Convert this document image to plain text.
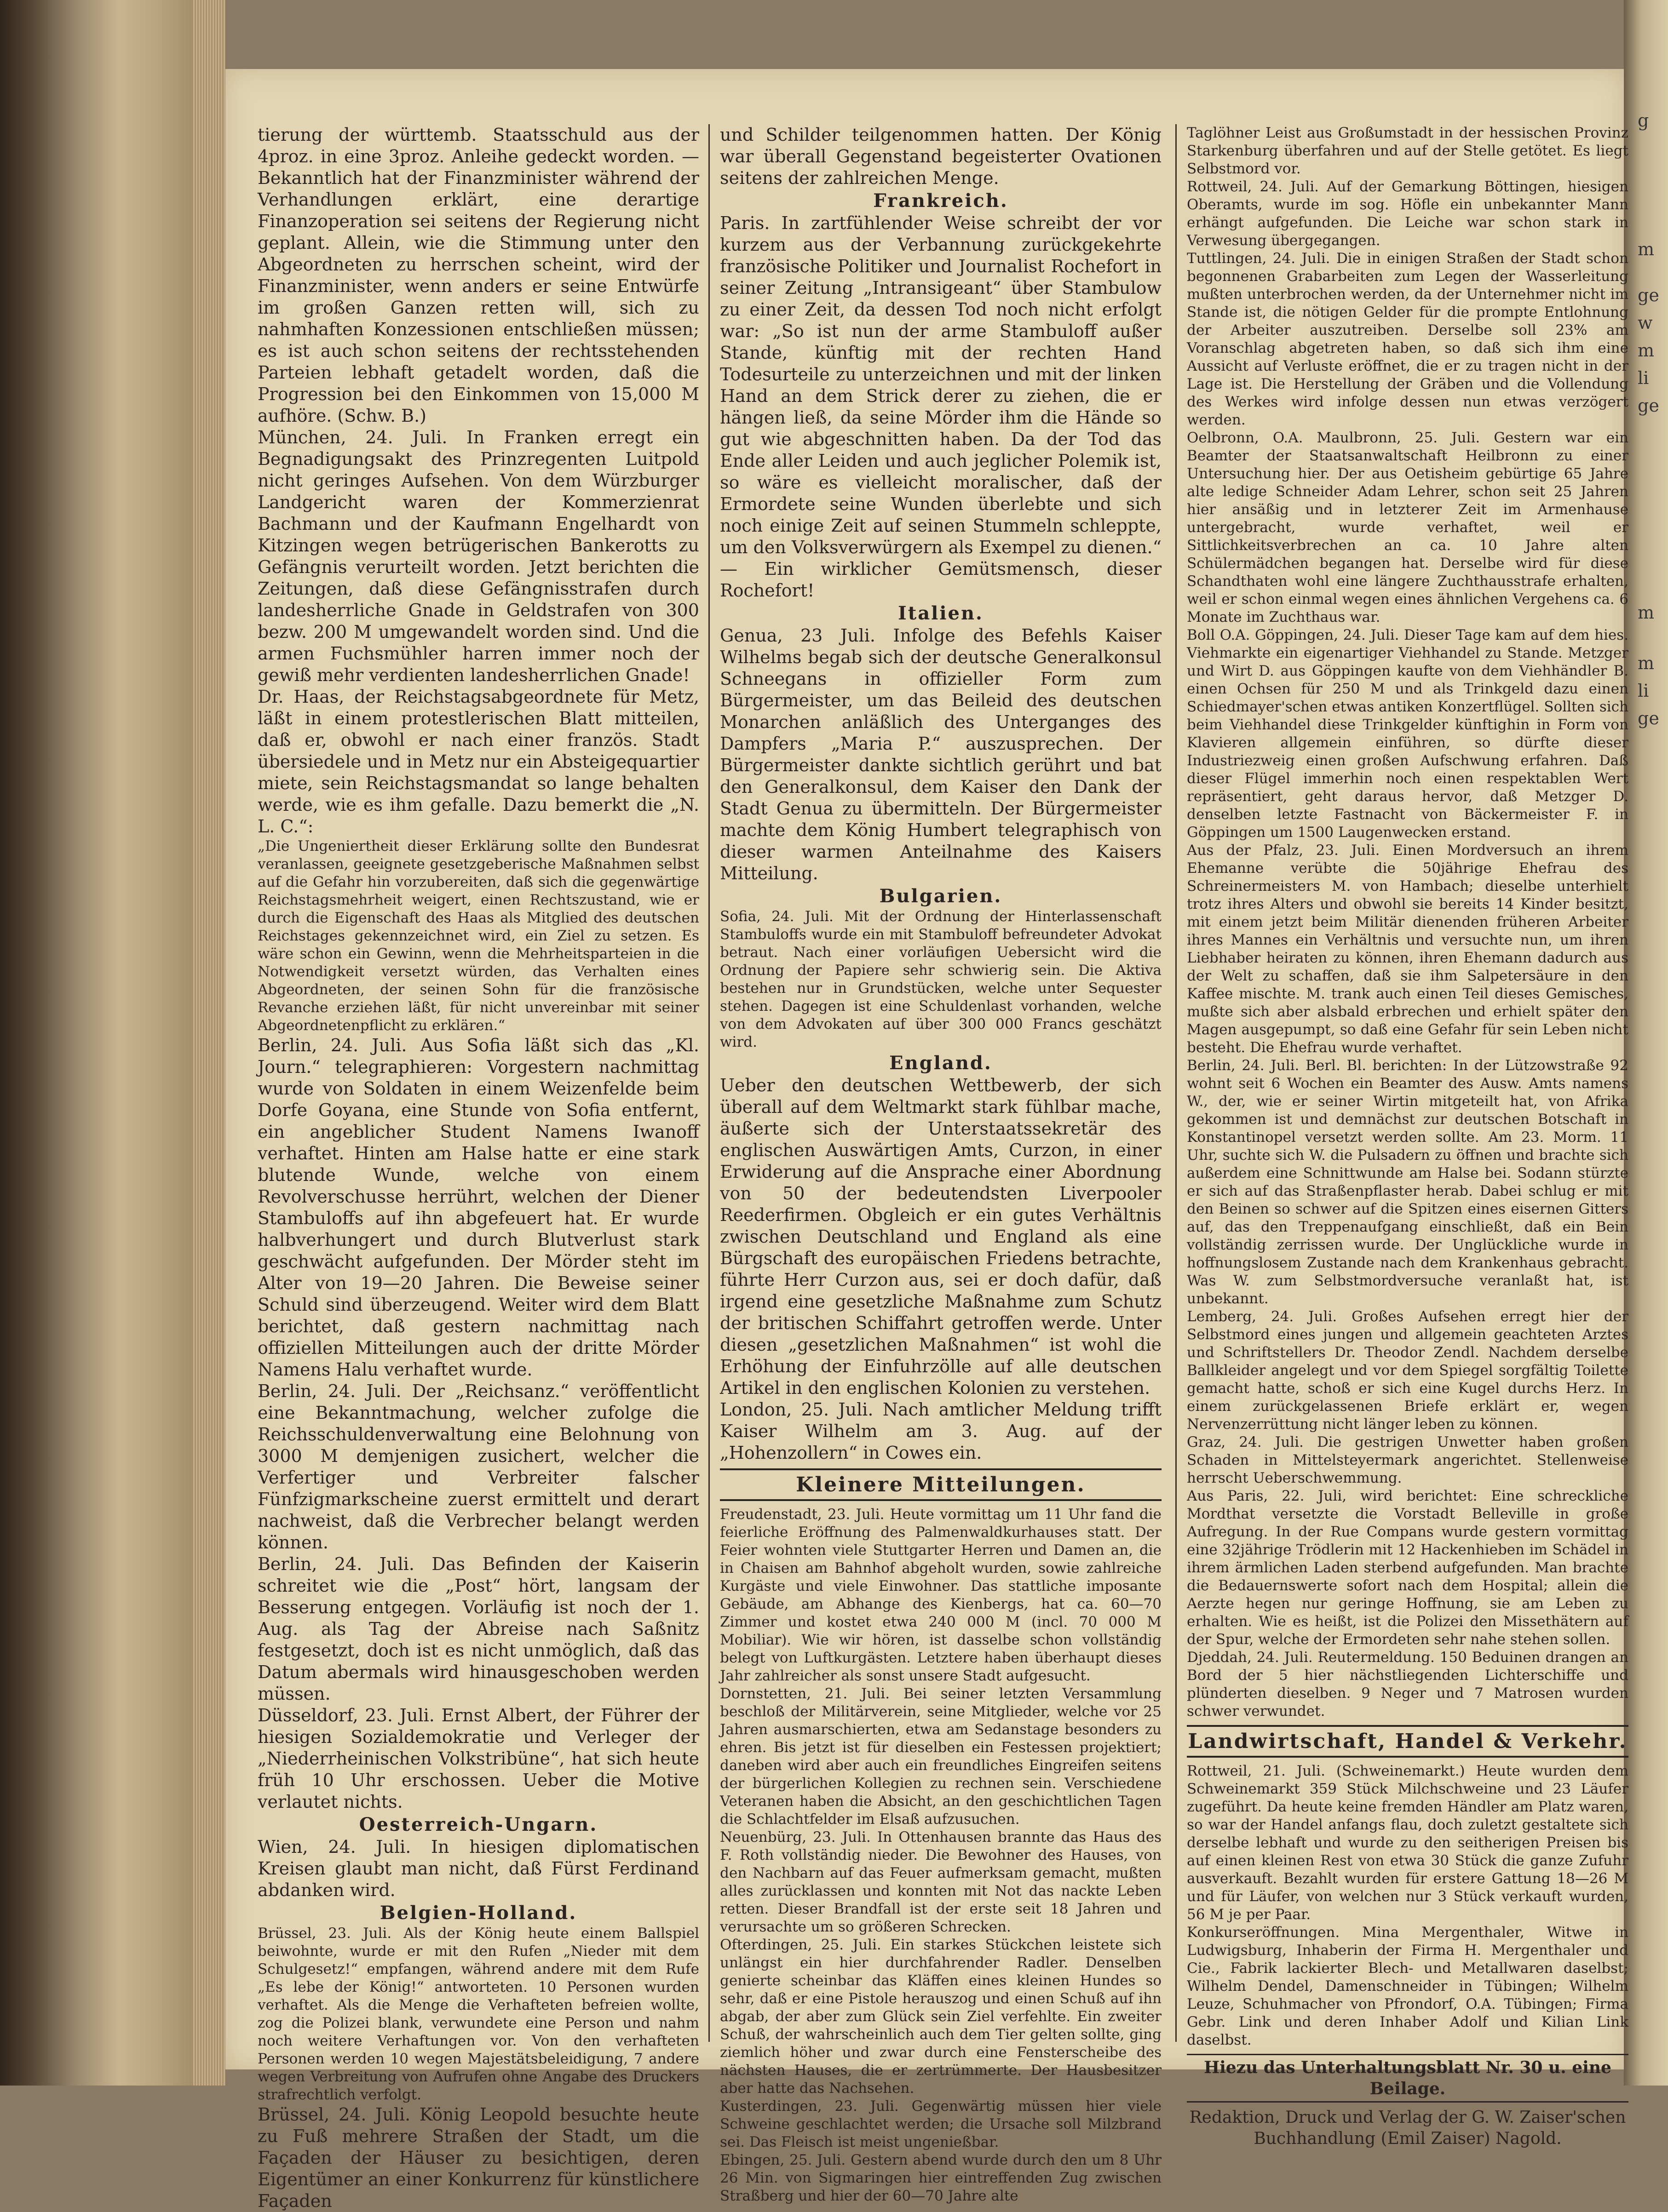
g
m
ge
w
m
li
ge
m
m
li
ge

tierung der württemb. Staatsschuld aus der 4proz. in eine 3proz. Anleihe gedeckt worden. — Bekanntlich hat der Finanzminister während der Verhandlungen erklärt, eine derartige Finanzoperation sei seitens der Regierung nicht geplant. Allein, wie die Stimmung unter den Abgeordneten zu herrschen scheint, wird der Finanzminister, wenn anders er seine Entwürfe im großen Ganzen retten will, sich zu nahmhaften Konzessionen entschließen müssen; es ist auch schon seitens der rechtsstehenden Parteien lebhaft getadelt worden, daß die Progression bei den Einkommen von 15,000 M aufhöre. (Schw. B.)

München, 24. Juli. In Franken erregt ein Begnadigungsakt des Prinzregenten Luitpold nicht geringes Aufsehen. Von dem Würzburger Landgericht waren der Kommerzienrat Bachmann und der Kaufmann Engelhardt von Kitzingen wegen betrügerischen Bankerotts zu Gefängnis verurteilt worden. Jetzt berichten die Zeitungen, daß diese Gefängnisstrafen durch landesherrliche Gnade in Geldstrafen von 300 bezw. 200 M umgewandelt worden sind. Und die armen Fuchsmühler harren immer noch der gewiß mehr verdienten landesherrlichen Gnade!

Dr. Haas, der Reichstagsabgeordnete für Metz, läßt in einem protestlerischen Blatt mitteilen, daß er, obwohl er nach einer französ. Stadt übersiedele und in Metz nur ein Absteigequartier miete, sein Reichstagsmandat so lange behalten werde, wie es ihm gefalle. Dazu bemerkt die „N. L. C.“:

„Die Ungeniertheit dieser Erklärung sollte den Bundesrat veranlassen, geeignete gesetzgeberische Maßnahmen selbst auf die Gefahr hin vorzubereiten, daß sich die gegenwärtige Reichstagsmehrheit weigert, einen Rechtszustand, wie er durch die Eigenschaft des Haas als Mitglied des deutschen Reichstages gekennzeichnet wird, ein Ziel zu setzen. Es wäre schon ein Gewinn, wenn die Mehrheitsparteien in die Notwendigkeit versetzt würden, das Verhalten eines Abgeordneten, der seinen Sohn für die französische Revanche erziehen läßt, für nicht unvereinbar mit seiner Abgeordnetenpflicht zu erklären.“

Berlin, 24. Juli. Aus Sofia läßt sich das „Kl. Journ.“ telegraphieren: Vorgestern nachmittag wurde von Soldaten in einem Weizenfelde beim Dorfe Goyana, eine Stunde von Sofia entfernt, ein angeblicher Student Namens Iwanoff verhaftet. Hinten am Halse hatte er eine stark blutende Wunde, welche von einem Revolverschusse herrührt, welchen der Diener Stambuloffs auf ihn abgefeuert hat. Er wurde halbverhungert und durch Blutverlust stark geschwächt aufgefunden. Der Mörder steht im Alter von 19—20 Jahren. Die Beweise seiner Schuld sind überzeugend. Weiter wird dem Blatt berichtet, daß gestern nachmittag nach offiziellen Mitteilungen auch der dritte Mörder Namens Halu verhaftet wurde.

Berlin, 24. Juli. Der „Reichsanz.“ veröffentlicht eine Bekanntmachung, welcher zufolge die Reichsschuldenverwaltung eine Belohnung von 3000 M demjenigen zusichert, welcher die Verfertiger und Verbreiter falscher Fünfzigmarkscheine zuerst ermittelt und derart nachweist, daß die Verbrecher belangt werden können.

Berlin, 24. Juli. Das Befinden der Kaiserin schreitet wie die „Post“ hört, langsam der Besserung entgegen. Vorläufig ist noch der 1. Aug. als Tag der Abreise nach Saßnitz festgesetzt, doch ist es nicht unmöglich, daß das Datum abermals wird hinausgeschoben werden müssen.

Düsseldorf, 23. Juli. Ernst Albert, der Führer der hiesigen Sozialdemokratie und Verleger der „Niederrheinischen Volkstribüne“, hat sich heute früh 10 Uhr erschossen. Ueber die Motive verlautet nichts.

Oesterreich-Ungarn.

Wien, 24. Juli. In hiesigen diplomatischen Kreisen glaubt man nicht, daß Fürst Ferdinand abdanken wird.

Belgien-Holland.

Brüssel, 23. Juli. Als der König heute einem Ballspiel beiwohnte, wurde er mit den Rufen „Nieder mit dem Schulgesetz!“ empfangen, während andere mit dem Rufe „Es lebe der König!“ antworteten. 10 Personen wurden verhaftet. Als die Menge die Verhafteten befreien wollte, zog die Polizei blank, verwundete eine Person und nahm noch weitere Verhaftungen vor. Von den verhafteten Personen werden 10 wegen Majestätsbeleidigung, 7 andere wegen Verbreitung von Aufrufen ohne Angabe des Druckers strafrechtlich verfolgt.

Brüssel, 24. Juli. König Leopold besuchte heute zu Fuß mehrere Straßen der Stadt, um die Façaden der Häuser zu besichtigen, deren Eigentümer an einer Konkurrenz für künstlichere Façaden

und Schilder teilgenommen hatten. Der König war überall Gegenstand begeisterter Ovationen seitens der zahlreichen Menge.

Frankreich.

Paris. In zartfühlender Weise schreibt der vor kurzem aus der Verbannung zurückgekehrte französische Politiker und Journalist Rochefort in seiner Zeitung „Intransigeant“ über Stambulow zu einer Zeit, da dessen Tod noch nicht erfolgt war: „So ist nun der arme Stambuloff außer Stande, künftig mit der rechten Hand Todesurteile zu unterzeichnen und mit der linken Hand an dem Strick derer zu ziehen, die er hängen ließ, da seine Mörder ihm die Hände so gut wie abgeschnitten haben. Da der Tod das Ende aller Leiden und auch jeglicher Polemik ist, so wäre es vielleicht moralischer, daß der Ermordete seine Wunden überlebte und sich noch einige Zeit auf seinen Stummeln schleppte, um den Volksverwürgern als Exempel zu dienen.“ — Ein wirklicher Gemütsmensch, dieser Rochefort!

Italien.

Genua, 23 Juli. Infolge des Befehls Kaiser Wilhelms begab sich der deutsche Generalkonsul Schneegans in offizieller Form zum Bürgermeister, um das Beileid des deutschen Monarchen anläßlich des Unterganges des Dampfers „Maria P.“ auszusprechen. Der Bürgermeister dankte sichtlich gerührt und bat den Generalkonsul, dem Kaiser den Dank der Stadt Genua zu übermitteln. Der Bürgermeister machte dem König Humbert telegraphisch von dieser warmen Anteilnahme des Kaisers Mitteilung.

Bulgarien.

Sofia, 24. Juli. Mit der Ordnung der Hinterlassenschaft Stambuloffs wurde ein mit Stambuloff befreundeter Advokat betraut. Nach einer vorläufigen Uebersicht wird die Ordnung der Papiere sehr schwierig sein. Die Aktiva bestehen nur in Grundstücken, welche unter Sequester stehen. Dagegen ist eine Schuldenlast vorhanden, welche von dem Advokaten auf über 300 000 Francs geschätzt wird.

England.

Ueber den deutschen Wettbewerb, der sich überall auf dem Weltmarkt stark fühlbar mache, äußerte sich der Unterstaatssekretär des englischen Auswärtigen Amts, Curzon, in einer Erwiderung auf die Ansprache einer Abordnung von 50 der bedeutendsten Liverpooler Reederfirmen. Obgleich er ein gutes Verhältnis zwischen Deutschland und England als eine Bürgschaft des europäischen Friedens betrachte, führte Herr Curzon aus, sei er doch dafür, daß irgend eine gesetzliche Maßnahme zum Schutz der britischen Schiffahrt getroffen werde. Unter diesen „gesetzlichen Maßnahmen“ ist wohl die Erhöhung der Einfuhrzölle auf alle deutschen Artikel in den englischen Kolonien zu verstehen.

London, 25. Juli. Nach amtlicher Meldung trifft Kaiser Wilhelm am 3. Aug. auf der „Hohenzollern“ in Cowes ein.

Kleinere Mitteilungen.

Freudenstadt, 23. Juli. Heute vormittag um 11 Uhr fand die feierliche Eröffnung des Palmenwaldkurhauses statt. Der Feier wohnten viele Stuttgarter Herren und Damen an, die in Chaisen am Bahnhof abgeholt wurden, sowie zahlreiche Kurgäste und viele Einwohner. Das stattliche imposante Gebäude, am Abhange des Kienbergs, hat ca. 60—70 Zimmer und kostet etwa 240 000 M (incl. 70 000 M Mobiliar). Wie wir hören, ist dasselbe schon vollständig belegt von Luftkurgästen. Letztere haben überhaupt dieses Jahr zahlreicher als sonst unsere Stadt aufgesucht.

Dornstetten, 21. Juli. Bei seiner letzten Versammlung beschloß der Militärverein, seine Mitglieder, welche vor 25 Jahren ausmarschierten, etwa am Sedanstage besonders zu ehren. Bis jetzt ist für dieselben ein Festessen projektiert; daneben wird aber auch ein freundliches Eingreifen seitens der bürgerlichen Kollegien zu rechnen sein. Verschiedene Veteranen haben die Absicht, an den geschichtlichen Tagen die Schlachtfelder im Elsaß aufzusuchen.

Neuenbürg, 23. Juli. In Ottenhausen brannte das Haus des F. Roth vollständig nieder. Die Bewohner des Hauses, von den Nachbarn auf das Feuer aufmerksam gemacht, mußten alles zurücklassen und konnten mit Not das nackte Leben retten. Dieser Brandfall ist der erste seit 18 Jahren und verursachte um so größeren Schrecken.

Ofterdingen, 25. Juli. Ein starkes Stückchen leistete sich unlängst ein hier durchfahrender Radler. Denselben genierte scheinbar das Kläffen eines kleinen Hundes so sehr, daß er eine Pistole herauszog und einen Schuß auf ihn abgab, der aber zum Glück sein Ziel verfehlte. Ein zweiter Schuß, der wahrscheinlich auch dem Tier gelten sollte, ging ziemlich höher und zwar durch eine Fensterscheibe des nächsten Hauses, die er zertrümmerte. Der Hausbesitzer aber hatte das Nachsehen.

Kusterdingen, 23. Juli. Gegenwärtig müssen hier viele Schweine geschlachtet werden; die Ursache soll Milzbrand sei. Das Fleisch ist meist ungenießbar.

Ebingen, 25. Juli. Gestern abend wurde durch den um 8 Uhr 26 Min. von Sigmaringen hier eintreffenden Zug zwischen Straßberg und hier der 60—70 Jahre alte

Taglöhner Leist aus Großumstadt in der hessischen Provinz Starkenburg überfahren und auf der Stelle getötet. Es liegt Selbstmord vor.

Rottweil, 24. Juli. Auf der Gemarkung Böttingen, hiesigen Oberamts, wurde im sog. Höfle ein unbekannter Mann erhängt aufgefunden. Die Leiche war schon stark in Verwesung übergegangen.

Tuttlingen, 24. Juli. Die in einigen Straßen der Stadt schon begonnenen Grabarbeiten zum Legen der Wasserleitung mußten unterbrochen werden, da der Unternehmer nicht im Stande ist, die nötigen Gelder für die prompte Entlohnung der Arbeiter auszutreiben. Derselbe soll 23% am Voranschlag abgetreten haben, so daß sich ihm eine Aussicht auf Verluste eröffnet, die er zu tragen nicht in der Lage ist. Die Herstellung der Gräben und die Vollendung des Werkes wird infolge dessen nun etwas verzögert werden.

Oelbronn, O.A. Maulbronn, 25. Juli. Gestern war ein Beamter der Staatsanwaltschaft Heilbronn zu einer Untersuchung hier. Der aus Oetisheim gebürtige 65 Jahre alte ledige Schneider Adam Lehrer, schon seit 25 Jahren hier ansäßig und in letzterer Zeit im Armenhause untergebracht, wurde verhaftet, weil er Sittlichkeitsverbrechen an ca. 10 Jahre alten Schülermädchen begangen hat. Derselbe wird für diese Schandthaten wohl eine längere Zuchthausstrafe erhalten, weil er schon einmal wegen eines ähnlichen Vergehens ca. 6 Monate im Zuchthaus war.

Boll O.A. Göppingen, 24. Juli. Dieser Tage kam auf dem hies. Viehmarkte ein eigenartiger Viehhandel zu Stande. Metzger und Wirt D. aus Göppingen kaufte von dem Viehhändler B. einen Ochsen für 250 M und als Trinkgeld dazu einen Schiedmayer'schen etwas antiken Konzertflügel. Sollten sich beim Viehhandel diese Trinkgelder künftighin in Form von Klavieren allgemein einführen, so dürfte dieser Industriezweig einen großen Aufschwung erfahren. Daß dieser Flügel immerhin noch einen respektablen Wert repräsentiert, geht daraus hervor, daß Metzger D. denselben letzte Fastnacht von Bäckermeister F. in Göppingen um 1500 Laugenwecken erstand.

Aus der Pfalz, 23. Juli. Einen Mordversuch an ihrem Ehemanne verübte die 50jährige Ehefrau des Schreinermeisters M. von Hambach; dieselbe unterhielt trotz ihres Alters und obwohl sie bereits 14 Kinder besitzt, mit einem jetzt beim Militär dienenden früheren Arbeiter ihres Mannes ein Verhältnis und versuchte nun, um ihren Liebhaber heiraten zu können, ihren Ehemann dadurch aus der Welt zu schaffen, daß sie ihm Salpetersäure in den Kaffee mischte. M. trank auch einen Teil dieses Gemisches, mußte sich aber alsbald erbrechen und erhielt später den Magen ausgepumpt, so daß eine Gefahr für sein Leben nicht besteht. Die Ehefrau wurde verhaftet.

Berlin, 24. Juli. Berl. Bl. berichten: In der Lützowstraße 92 wohnt seit 6 Wochen ein Beamter des Ausw. Amts namens W., der, wie er seiner Wirtin mitgeteilt hat, von Afrika gekommen ist und demnächst zur deutschen Botschaft in Konstantinopel versetzt werden sollte. Am 23. Morm. 11 Uhr, suchte sich W. die Pulsadern zu öffnen und brachte sich außerdem eine Schnittwunde am Halse bei. Sodann stürzte er sich auf das Straßenpflaster herab. Dabei schlug er mit den Beinen so schwer auf die Spitzen eines eisernen Gitters auf, das den Treppenaufgang einschließt, daß ein Bein vollständig zerrissen wurde. Der Unglückliche wurde in hoffnungslosem Zustande nach dem Krankenhaus gebracht. Was W. zum Selbstmordversuche veranlaßt hat, ist unbekannt.

Lemberg, 24. Juli. Großes Aufsehen erregt hier der Selbstmord eines jungen und allgemein geachteten Arztes und Schriftstellers Dr. Theodor Zendl. Nachdem derselbe Ballkleider angelegt und vor dem Spiegel sorgfältig Toilette gemacht hatte, schoß er sich eine Kugel durchs Herz. In einem zurückgelassenen Briefe erklärt er, wegen Nervenzerrüttung nicht länger leben zu können.

Graz, 24. Juli. Die gestrigen Unwetter haben großen Schaden in Mittelsteyermark angerichtet. Stellenweise herrscht Ueberschwemmung.

Aus Paris, 22. Juli, wird berichtet: Eine schreckliche Mordthat versetzte die Vorstadt Belleville in große Aufregung. In der Rue Compans wurde gestern vormittag eine 32jährige Trödlerin mit 12 Hackenhieben im Schädel in ihrem ärmlichen Laden sterbend aufgefunden. Man brachte die Bedauernswerte sofort nach dem Hospital; allein die Aerzte hegen nur geringe Hoffnung, sie am Leben zu erhalten. Wie es heißt, ist die Polizei den Missethätern auf der Spur, welche der Ermordeten sehr nahe stehen sollen.

Djeddah, 24. Juli. Reutermeldung. 150 Beduinen drangen an Bord der 5 hier nächstliegenden Lichterschiffe und plünderten dieselben. 9 Neger und 7 Matrosen wurden schwer verwundet.

Landwirtschaft, Handel & Verkehr.

Rottweil, 21. Juli. (Schweinemarkt.) Heute wurden dem Schweinemarkt 359 Stück Milchschweine und 23 Läufer zugeführt. Da heute keine fremden Händler am Platz waren, so war der Handel anfangs flau, doch zuletzt gestaltete sich derselbe lebhaft und wurde zu den seitherigen Preisen bis auf einen kleinen Rest von etwa 30 Stück die ganze Zufuhr ausverkauft. Bezahlt wurden für erstere Gattung 18—26 M und für Läufer, von welchen nur 3 Stück verkauft wurden, 56 M je per Paar.

Konkurseröffnungen. Mina Mergenthaler, Witwe in Ludwigsburg, Inhaberin der Firma H. Mergenthaler und Cie., Fabrik lackierter Blech- und Metallwaren daselbst; Wilhelm Dendel, Damenschneider in Tübingen; Wilhelm Leuze, Schuhmacher von Pfrondorf, O.A. Tübingen; Firma Gebr. Link und deren Inhaber Adolf und Kilian Link daselbst.

Hiezu das Unterhaltungsblatt Nr. 30 u. eine Beilage.
Redaktion, Druck und Verlag der G. W. Zaiser'schen Buchhandlung (Emil Zaiser) Nagold.
